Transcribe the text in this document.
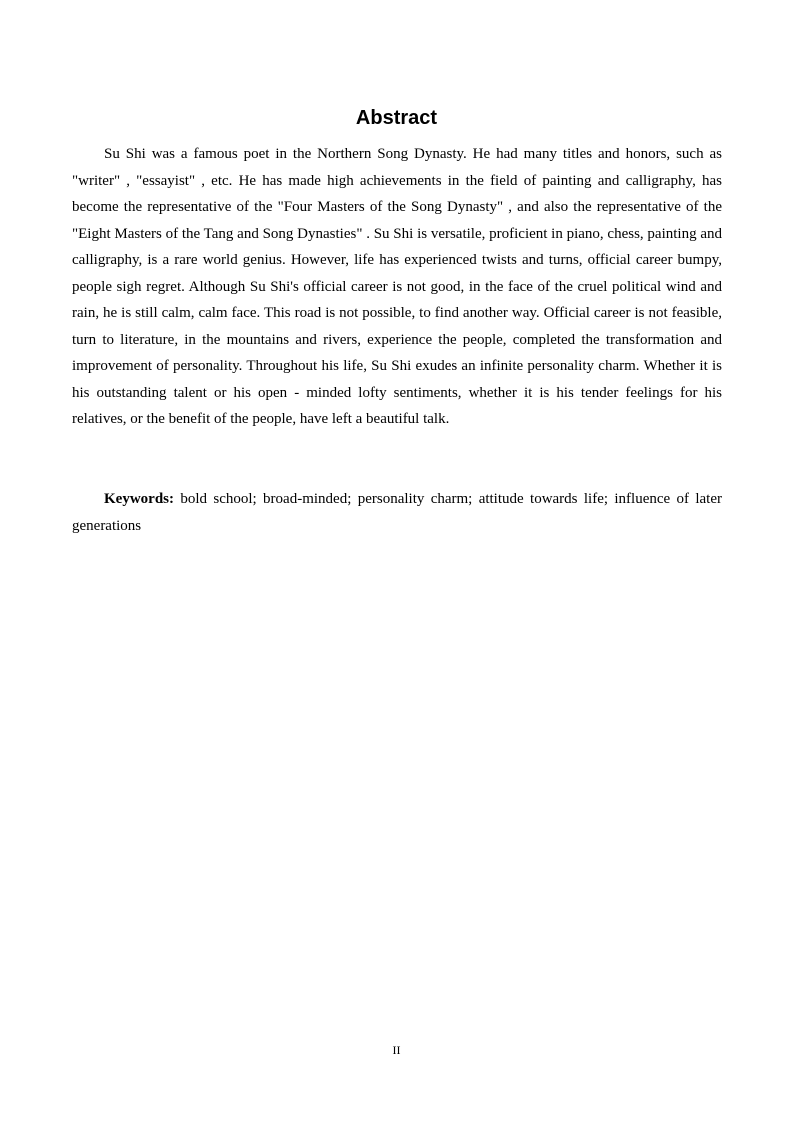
Abstract

Su Shi was a famous poet in the Northern Song Dynasty. He had many titles and honors, such as "writer" , "essayist" , etc. He has made high achievements in the field of painting and calligraphy, has become the representative of the "Four Masters of the Song Dynasty" , and also the representative of the "Eight Masters of the Tang and Song Dynasties" . Su Shi is versatile, proficient in piano, chess, painting and calligraphy, is a rare world genius. However, life has experienced twists and turns, official career bumpy, people sigh regret. Although Su Shi's official career is not good, in the face of the cruel political wind and rain, he is still calm, calm face. This road is not possible, to find another way. Official career is not feasible, turn to literature, in the mountains and rivers, experience the people, completed the transformation and improvement of personality. Throughout his life, Su Shi exudes an infinite personality charm. Whether it is his outstanding talent or his open - minded lofty sentiments, whether it is his tender feelings for his relatives, or the benefit of the people, have left a beautiful talk.

Keywords: bold school; broad-minded; personality charm; attitude towards life; influence of later generations

II
